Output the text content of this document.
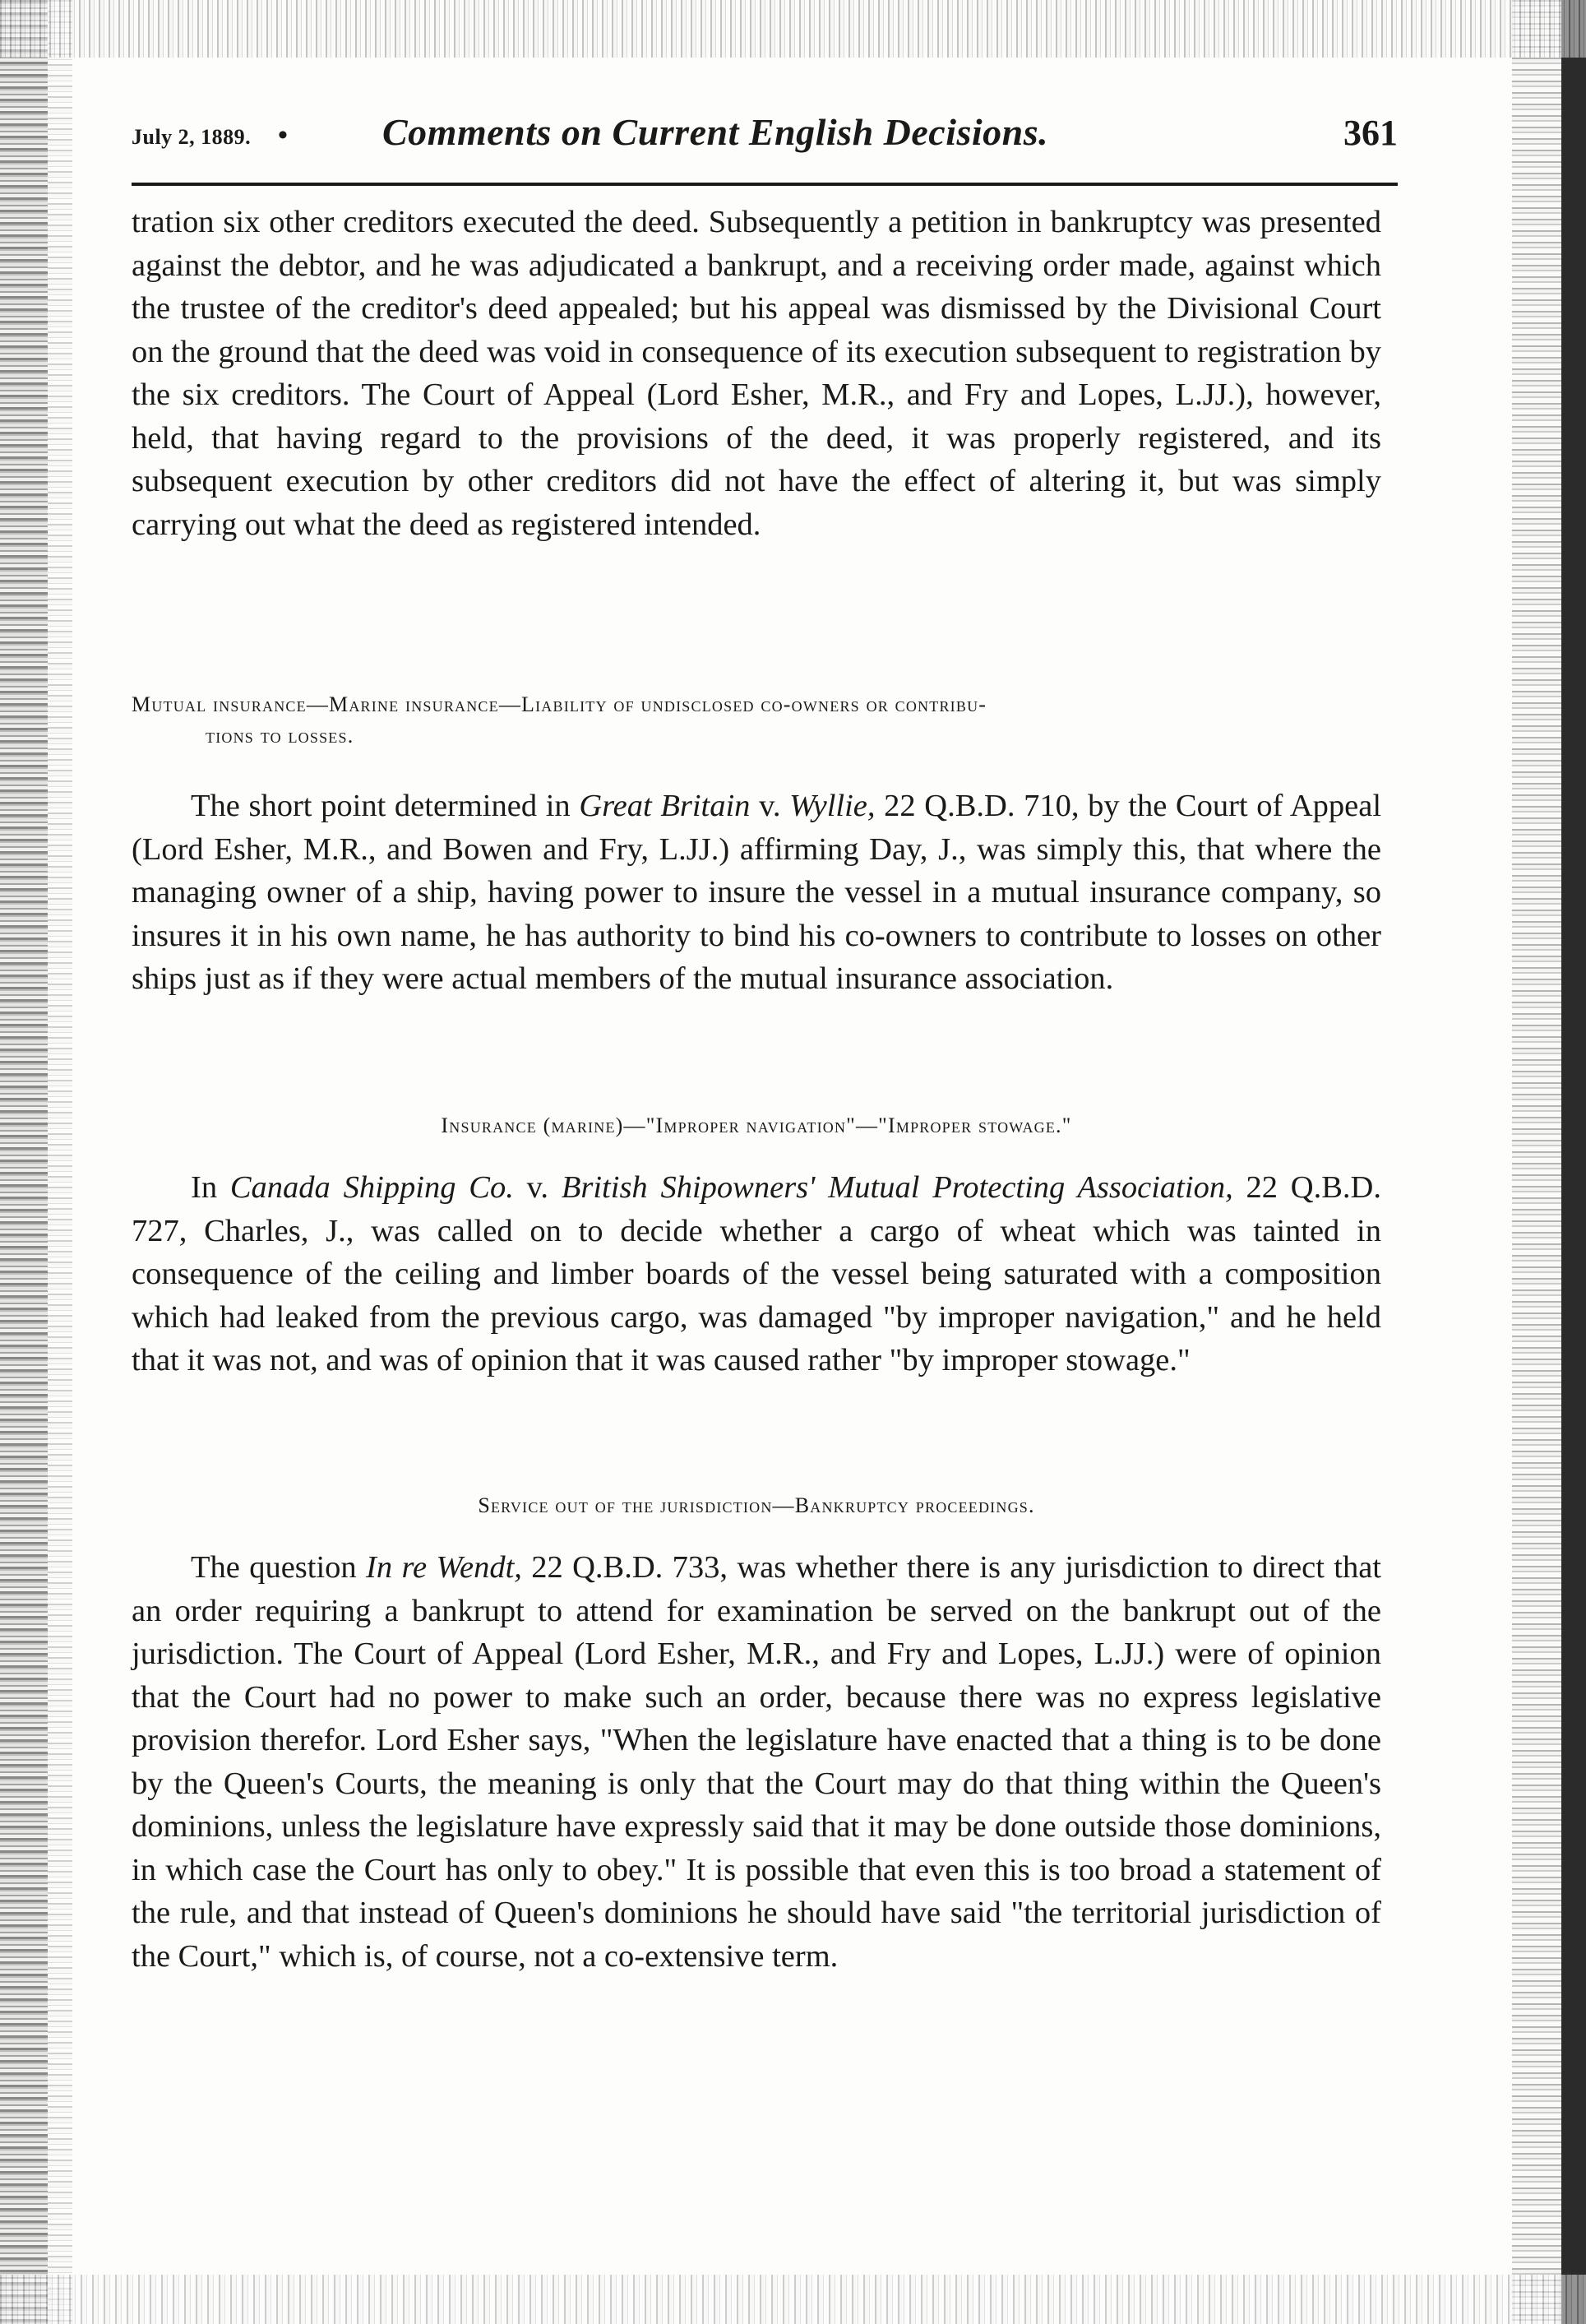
July 2, 1889. •	Comments on Current English Decisions.	361

tration six other creditors executed the deed. Subsequently a petition in bankruptcy was presented against the debtor, and he was adjudicated a bankrupt, and a receiving order made, against which the trustee of the creditor's deed appealed; but his appeal was dismissed by the Divisional Court on the ground that the deed was void in consequence of its execution subsequent to registration by the six creditors. The Court of Appeal (Lord Esher, M.R., and Fry and Lopes, L.JJ.), however, held, that having regard to the provisions of the deed, it was properly registered, and its subsequent execution by other creditors did not have the effect of altering it, but was simply carrying out what the deed as registered intended.

Mutual insurance—Marine insurance—Liability of undisclosed co-owners or contribu-
tions to losses.

The short point determined in Great Britain v. Wyllie, 22 Q.B.D. 710, by the Court of Appeal (Lord Esher, M.R., and Bowen and Fry, L.JJ.) affirming Day, J., was simply this, that where the managing owner of a ship, having power to insure the vessel in a mutual insurance company, so insures it in his own name, he has authority to bind his co-owners to contribute to losses on other ships just as if they were actual members of the mutual insurance association.

Insurance (marine)—"Improper navigation"—"Improper stowage."

In Canada Shipping Co. v. British Shipowners' Mutual Protecting Association, 22 Q.B.D. 727, Charles, J., was called on to decide whether a cargo of wheat which was tainted in consequence of the ceiling and limber boards of the vessel being saturated with a composition which had leaked from the previous cargo, was damaged "by improper navigation," and he held that it was not, and was of opinion that it was caused rather "by improper stowage."

Service out of the jurisdiction—Bankruptcy proceedings.

The question In re Wendt, 22 Q.B.D. 733, was whether there is any jurisdiction to direct that an order requiring a bankrupt to attend for examination be served on the bankrupt out of the jurisdiction. The Court of Appeal (Lord Esher, M.R., and Fry and Lopes, L.JJ.) were of opinion that the Court had no power to make such an order, because there was no express legislative provision therefor. Lord Esher says, "When the legislature have enacted that a thing is to be done by the Queen's Courts, the meaning is only that the Court may do that thing within the Queen's dominions, unless the legislature have expressly said that it may be done outside those dominions, in which case the Court has only to obey." It is possible that even this is too broad a statement of the rule, and that instead of Queen's dominions he should have said "the territorial jurisdiction of the Court," which is, of course, not a co-extensive term.
